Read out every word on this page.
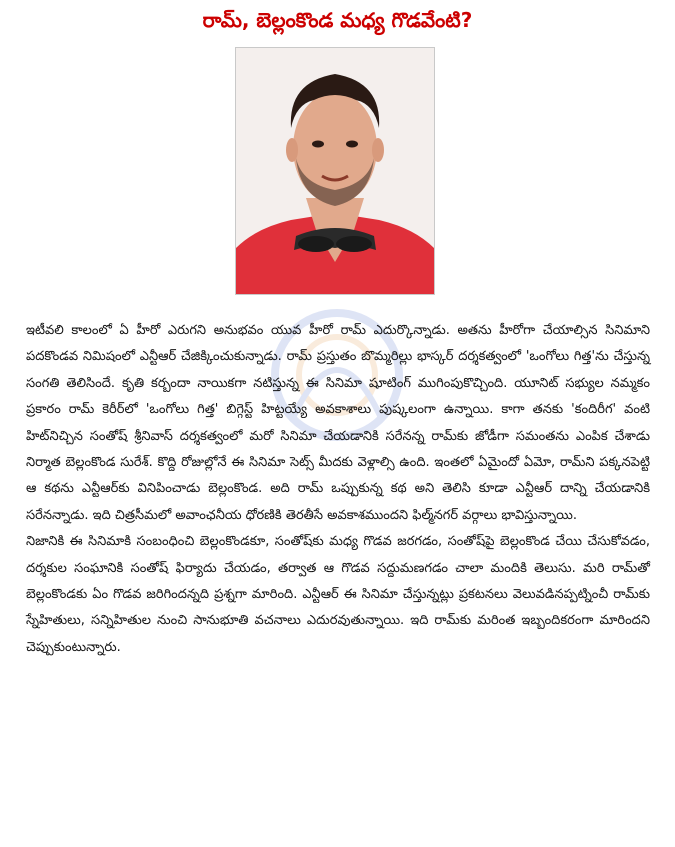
రామ్, బెల్లంకొండ మధ్య గొడవేంటి?

ఇటీవలి కాలంలో ఏ హీరో ఎరుగని అనుభవం యువ హీరో రామ్ ఎదుర్కొన్నాడు. అతను హీరోగా చేయాల్సిన సినిమాని పదకొండవ నిమిషంలో ఎన్టీఆర్ చేజిక్కించుకున్నాడు. రామ్ ప్రస్తుతం బొమ్మరిల్లు భాస్కర్ దర్శకత్వంలో 'ఒంగోలు గిత్త'ను చేస్తున్న సంగతి తెలిసిందే. కృతి కర్బందా నాయికగా నటిస్తున్న ఈ సినిమా షూటింగ్ ముగింపుకొచ్చింది. యూనిట్ సభ్యుల నమ్మకం ప్రకారం రామ్ కెరీర్‌లో 'ఒంగోలు గిత్త' బిగ్గెస్ట్ హిట్టయ్యే అవకాశాలు పుష్కలంగా ఉన్నాయి. కాగా తనకు 'కందిరీగ' వంటి హిట్‌నిచ్చిన సంతోష్ శ్రీనివాస్ దర్శకత్వంలో మరో సినిమా చేయడానికి సరేనన్న రామ్‌కు జోడీగా సమంతను ఎంపిక చేశాడు నిర్మాత బెల్లంకొండ సురేశ్. కొద్ది రోజుల్లోనే ఈ సినిమా సెట్స్ మీదకు వెళ్లాల్సి ఉంది. ఇంతలో ఏమైందో ఏమో, రామ్‌ని పక్కనపెట్టి ఆ కథను ఎన్టీఆర్‌కు వినిపించాడు బెల్లంకొండ. అది రామ్ ఒప్పుకున్న కథ అని తెలిసి కూడా ఎన్టీఆర్ దాన్ని చేయడానికి సరేనన్నాడు. ఇది చిత్రసీమలో అవాంఛనీయ ధోరణికి తెరతీసే అవకాశముందని ఫిల్మ్‌నగర్ వర్గాలు భావిస్తున్నాయి.

నిజానికి ఈ సినిమాకి సంబంధించి బెల్లంకొండకూ, సంతోష్‌కు మధ్య గొడవ జరగడం, సంతోష్‌పై బెల్లంకొండ చేయి చేసుకోవడం, దర్శకుల సంఘానికి సంతోష్ ఫిర్యాదు చేయడం, తర్వాత ఆ గొడవ సద్దుమణగడం చాలా మందికి తెలుసు. మరి రామ్‌తో బెల్లంకొండకు ఏం గొడవ జరిగిందన్నది ప్రశ్నగా మారింది. ఎన్టీఆర్ ఈ సినిమా చేస్తున్నట్లు ప్రకటనలు వెలువడినప్పట్నించీ రామ్‌కు స్నేహితులు, సన్నిహితుల నుంచి సానుభూతి వచనాలు ఎదురవుతున్నాయి. ఇది రామ్‌కు మరింత ఇబ్బందికరంగా మారిందని చెప్పుకుంటున్నారు.
